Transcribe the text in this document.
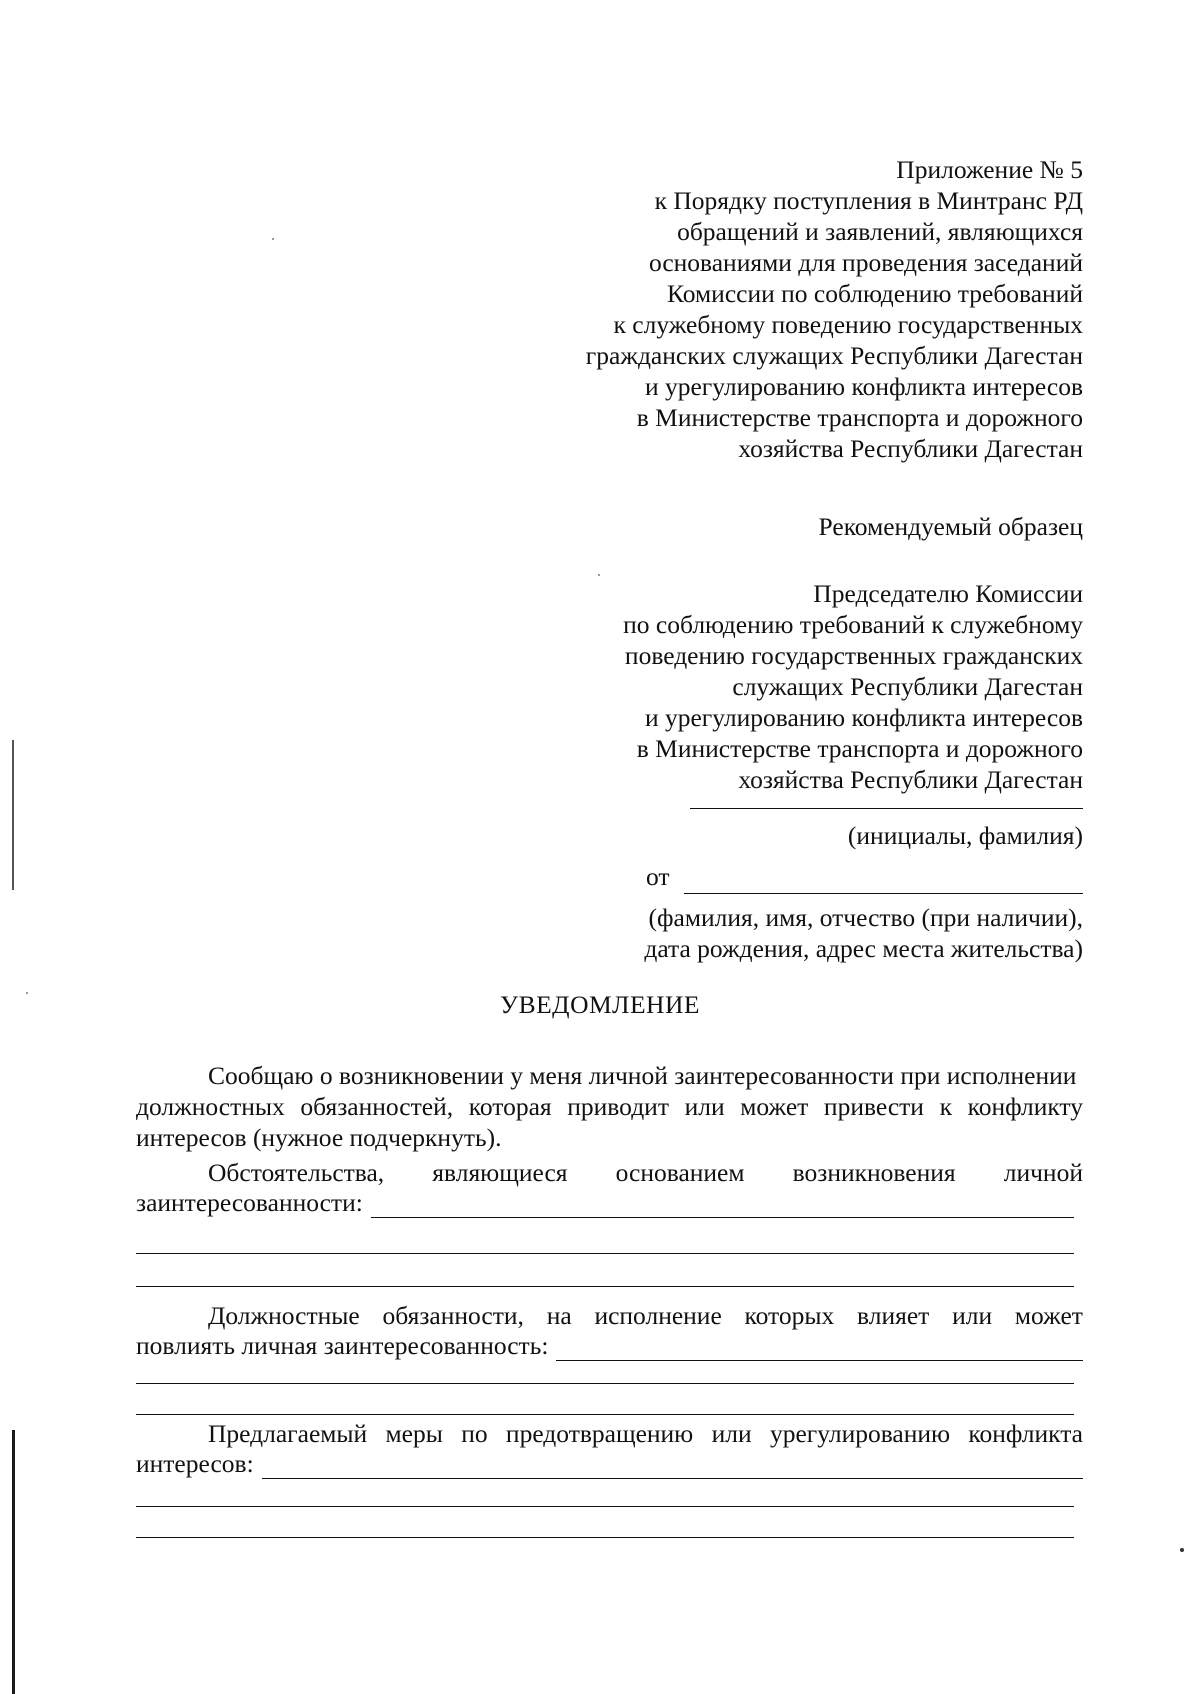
Приложение № 5
к Порядку поступления в Минтранс РД
обращений и заявлений, являющихся
основаниями для проведения заседаний
Комиссии по соблюдению требований
к служебному поведению государственных
гражданских служащих Республики Дагестан
и урегулированию конфликта интересов
в Министерстве транспорта и дорожного
хозяйства Республики Дагестан
Рекомендуемый образец
Председателю Комиссии
по соблюдению требований к служебному
поведению государственных гражданских
служащих Республики Дагестан
и урегулированию конфликта интересов
в Министерстве транспорта и дорожного
хозяйства Республики Дагестан
(инициалы, фамилия)
от
(фамилия, имя, отчество (при наличии),
дата рождения, адрес места жительства)
УВЕДОМЛЕНИЕ
Сообщаю о возникновении у меня личной заинтересованности при исполнении
должностных обязанностей, которая приводит или может привести к конфликту
интересов (нужное подчеркнуть).
Обстоятельства, являющиеся основанием возникновения личной
заинтересованности:
Должностные обязанности, на исполнение которых влияет или может
повлиять личная заинтересованность:
Предлагаемый меры по предотвращению или урегулированию конфликта
интересов:
